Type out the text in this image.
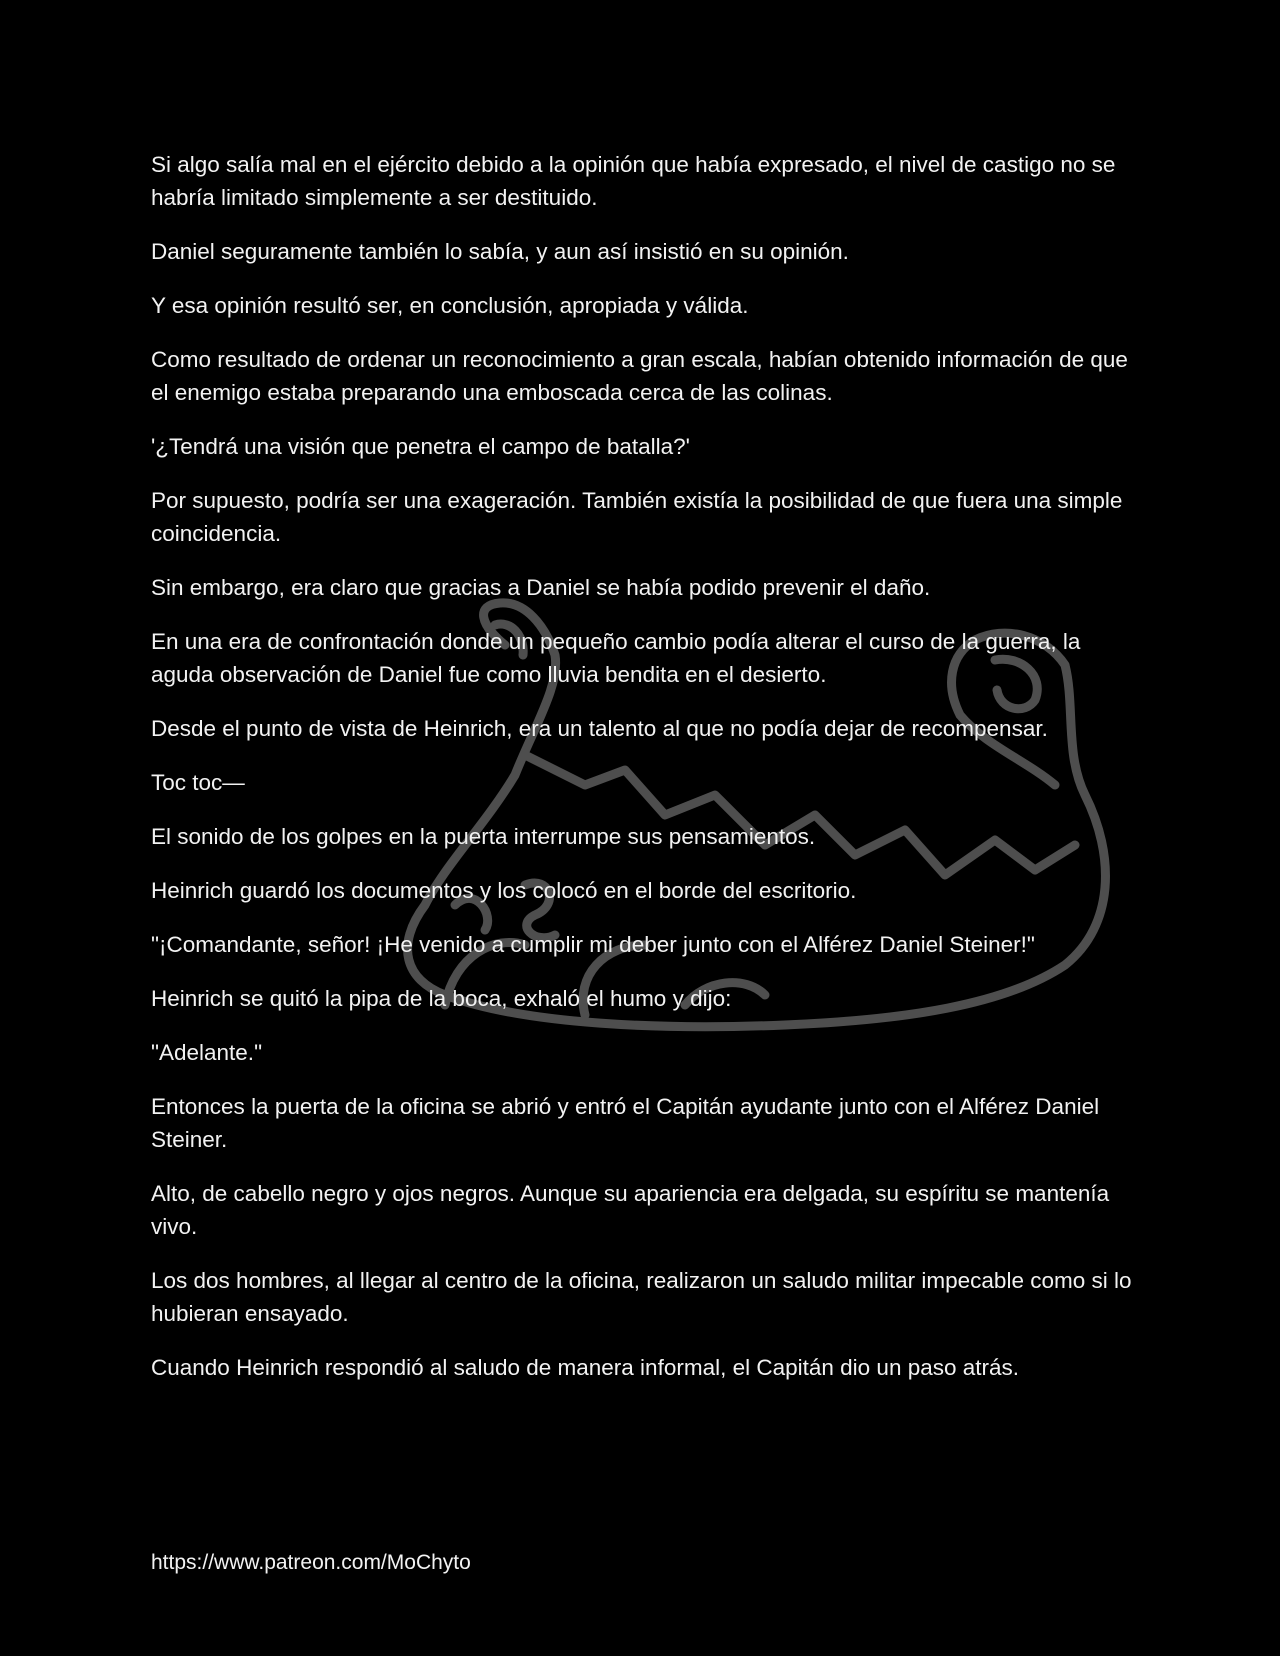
Si algo salía mal en el ejército debido a la opinión que había expresado, el nivel de castigo no se habría limitado simplemente a ser destituido.

Daniel seguramente también lo sabía, y aun así insistió en su opinión.

Y esa opinión resultó ser, en conclusión, apropiada y válida.

Como resultado de ordenar un reconocimiento a gran escala, habían obtenido información de que el enemigo estaba preparando una emboscada cerca de las colinas.

'¿Tendrá una visión que penetra el campo de batalla?'

Por supuesto, podría ser una exageración. También existía la posibilidad de que fuera una simple coincidencia.

Sin embargo, era claro que gracias a Daniel se había podido prevenir el daño.

En una era de confrontación donde un pequeño cambio podía alterar el curso de la guerra, la aguda observación de Daniel fue como lluvia bendita en el desierto.

Desde el punto de vista de Heinrich, era un talento al que no podía dejar de recompensar.

Toc toc—

El sonido de los golpes en la puerta interrumpe sus pensamientos.

Heinrich guardó los documentos y los colocó en el borde del escritorio.

"¡Comandante, señor! ¡He venido a cumplir mi deber junto con el Alférez Daniel Steiner!"

Heinrich se quitó la pipa de la boca, exhaló el humo y dijo:

"Adelante."

Entonces la puerta de la oficina se abrió y entró el Capitán ayudante junto con el Alférez Daniel Steiner.

Alto, de cabello negro y ojos negros. Aunque su apariencia era delgada, su espíritu se mantenía vivo.

Los dos hombres, al llegar al centro de la oficina, realizaron un saludo militar impecable como si lo hubieran ensayado.

Cuando Heinrich respondió al saludo de manera informal, el Capitán dio un paso atrás.

https://www.patreon.com/MoChyto
